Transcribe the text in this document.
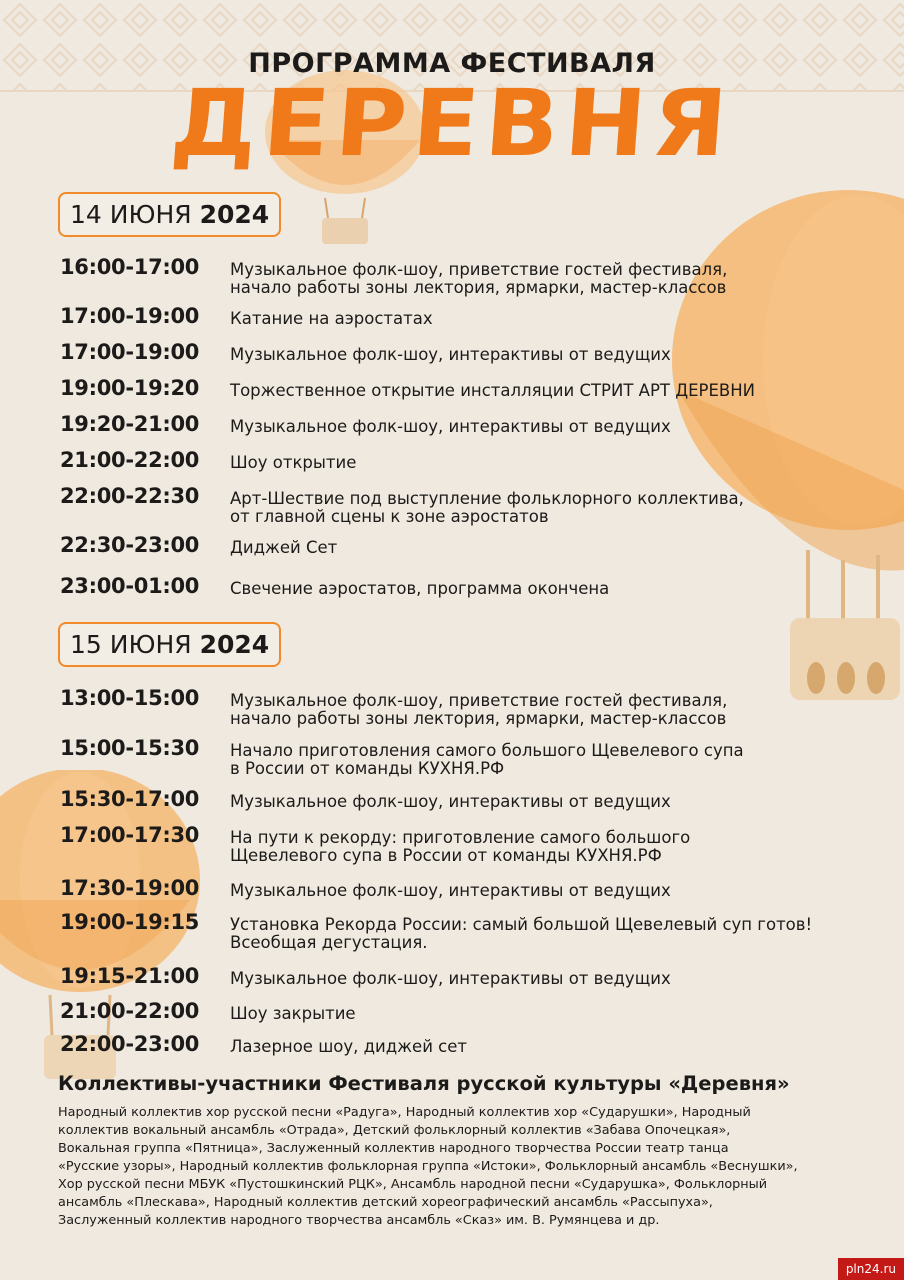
ПРОГРАММА ФЕСТИВАЛЯ
ДЕРЕВНЯ
14 ИЮНЯ 2024
16:00-17:00 Музыкальное фолк-шоу, приветствие гостей фестиваля,
начало работы зоны лектория, ярмарки, мастер-классов
17:00-19:00 Катание на аэростатах
17:00-19:00 Музыкальное фолк-шоу, интерактивы от ведущих
19:00-19:20 Торжественное открытие инсталляции СТРИТ АРТ ДЕРЕВНИ
19:20-21:00 Музыкальное фолк-шоу, интерактивы от ведущих
21:00-22:00 Шоу открытие
22:00-22:30 Арт-Шествие под выступление фольклорного коллектива,
от главной сцены к зоне аэростатов
22:30-23:00 Диджей Сет
23:00-01:00 Свечение аэростатов, программа окончена
15 ИЮНЯ 2024
13:00-15:00 Музыкальное фолк-шоу, приветствие гостей фестиваля,
начало работы зоны лектория, ярмарки, мастер-классов
15:00-15:30 Начало приготовления самого большого Щевелевого супа
в России от команды КУХНЯ.РФ
15:30-17:00 Музыкальное фолк-шоу, интерактивы от ведущих
17:00-17:30 На пути к рекорду: приготовление самого большого
Щевелевого супа в России от команды КУХНЯ.РФ
17:30-19:00 Музыкальное фолк-шоу, интерактивы от ведущих
19:00-19:15 Установка Рекорда России: самый большой Щевелевый суп готов!
Всеобщая дегустация.
19:15-21:00 Музыкальное фолк-шоу, интерактивы от ведущих
21:00-22:00 Шоу закрытие
22:00-23:00 Лазерное шоу, диджей сет
Коллективы-участники Фестиваля русской культуры «Деревня»
Народный коллектив хор русской песни «Радуга», Народный коллектив хор «Сударушки», Народный
коллектив вокальный ансамбль «Отрада», Детский фольклорный коллектив «Забава Опочецкая»,
Вокальная группа «Пятница», Заслуженный коллектив народного творчества России театр танца
«Русские узоры», Народный коллектив фольклорная группа «Истоки», Фольклорный ансамбль «Веснушки»,
Хор русской песни МБУК «Пустошкинский РЦК», Ансамбль народной песни «Сударушка», Фольклорный
ансамбль «Плескава», Народный коллектив детский хореографический ансамбль «Рассыпуха»,
Заслуженный коллектив народного творчества ансамбль «Сказ» им. В. Румянцева и др.
pln24.ru
